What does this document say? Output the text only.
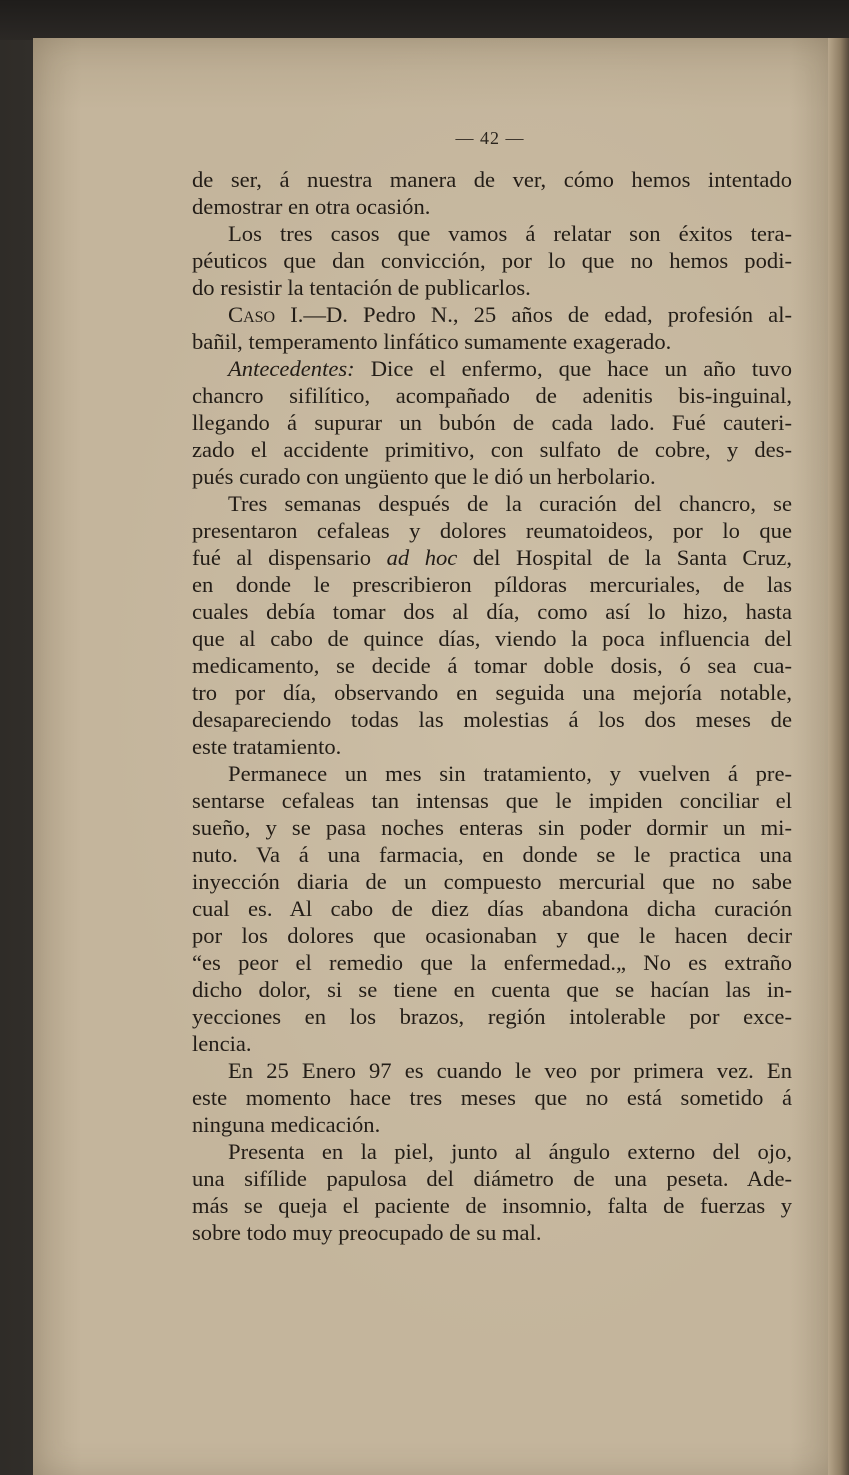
— 42 —
de ser, á nuestra manera de ver, cómo hemos intentado
demostrar en otra ocasión.
Los tres casos que vamos á relatar son éxitos tera-
péuticos que dan convicción, por lo que no hemos podi-
do resistir la tentación de publicarlos.
Caso I.—D. Pedro N., 25 años de edad, profesión al-
bañil, temperamento linfático sumamente exagerado.
Antecedentes: Dice el enfermo, que hace un año tuvo
chancro sifilítico, acompañado de adenitis bis-inguinal,
llegando á supurar un bubón de cada lado. Fué cauteri-
zado el accidente primitivo, con sulfato de cobre, y des-
pués curado con ungüento que le dió un herbolario.
Tres semanas después de la curación del chancro, se
presentaron cefaleas y dolores reumatoideos, por lo que
fué al dispensario ad hoc del Hospital de la Santa Cruz,
en donde le prescribieron píldoras mercuriales, de las
cuales debía tomar dos al día, como así lo hizo, hasta
que al cabo de quince días, viendo la poca influencia del
medicamento, se decide á tomar doble dosis, ó sea cua-
tro por día, observando en seguida una mejoría notable,
desapareciendo todas las molestias á los dos meses de
este tratamiento.
Permanece un mes sin tratamiento, y vuelven á pre-
sentarse cefaleas tan intensas que le impiden conciliar el
sueño, y se pasa noches enteras sin poder dormir un mi-
nuto. Va á una farmacia, en donde se le practica una
inyección diaria de un compuesto mercurial que no sabe
cual es. Al cabo de diez días abandona dicha curación
por los dolores que ocasionaban y que le hacen decir
“es peor el remedio que la enfermedad.„ No es extraño
dicho dolor, si se tiene en cuenta que se hacían las in-
yecciones en los brazos, región intolerable por exce-
lencia.
En 25 Enero 97 es cuando le veo por primera vez. En
este momento hace tres meses que no está sometido á
ninguna medicación.
Presenta en la piel, junto al ángulo externo del ojo,
una sifílide papulosa del diámetro de una peseta. Ade-
más se queja el paciente de insomnio, falta de fuerzas y
sobre todo muy preocupado de su mal.
